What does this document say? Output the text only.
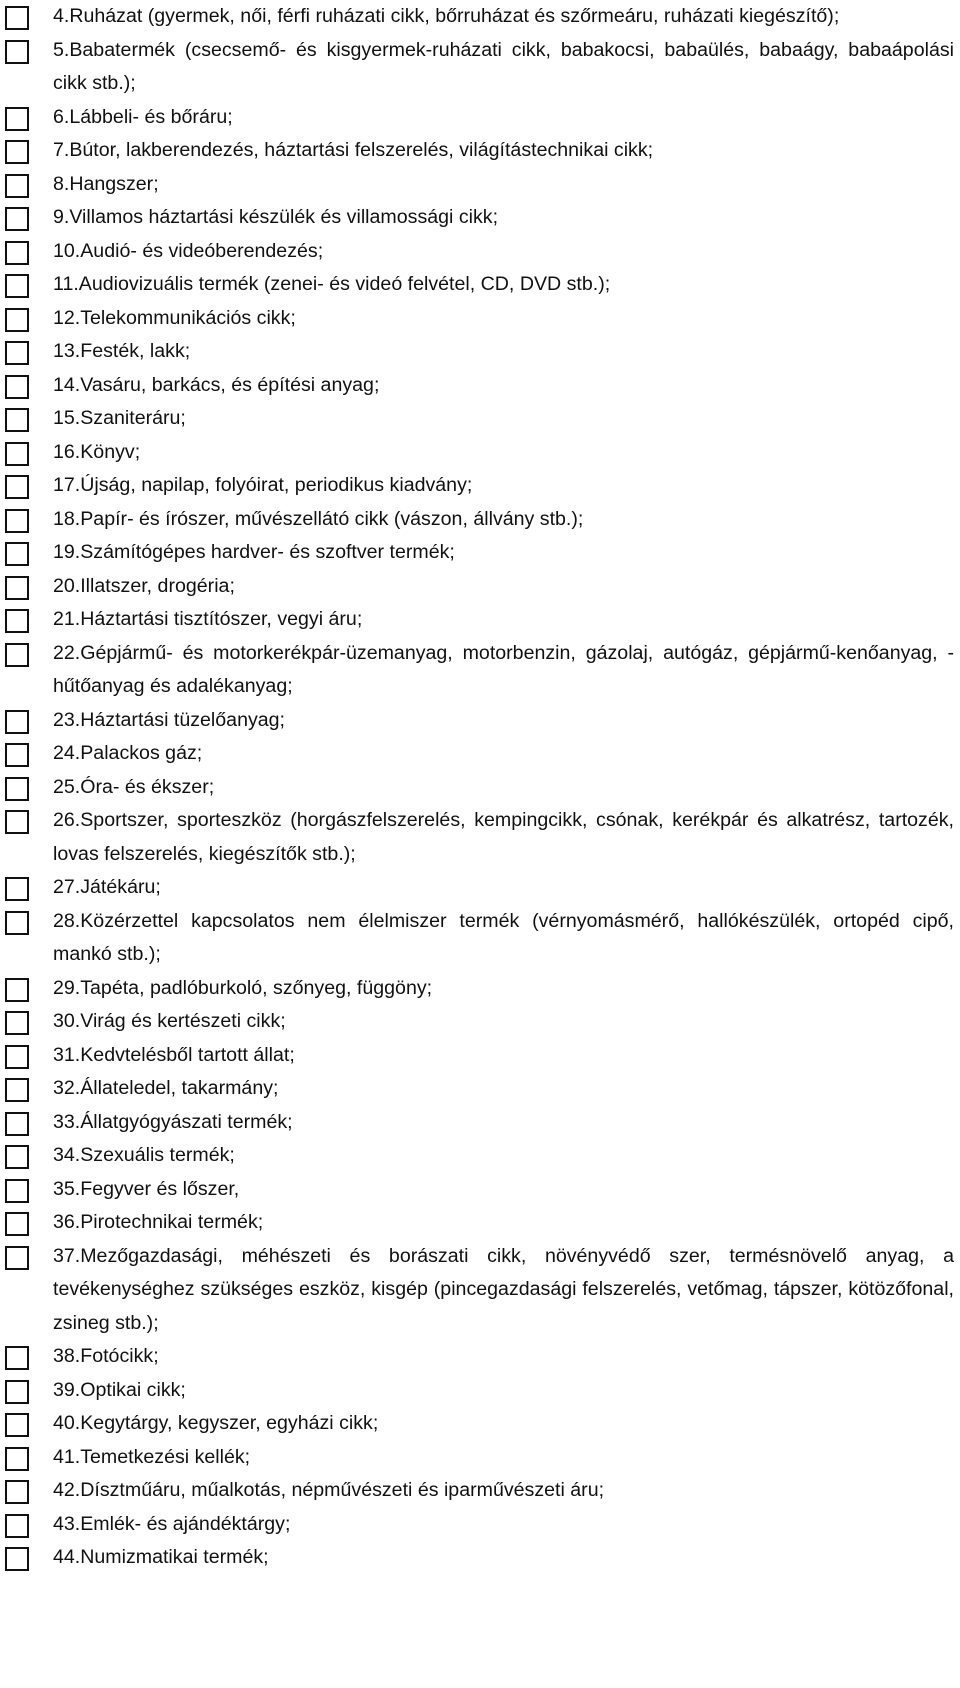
4.Ruházat (gyermek, női, férfi ruházati cikk, bőrruházat és szőrmeáru, ruházati kiegészítő);
5.Babatermék (csecsemő- és kisgyermek-ruházati cikk, babakocsi, babaülés, babaágy, babaápolási cikk stb.);
6.Lábbeli- és bőráru;
7.Bútor, lakberendezés, háztartási felszerelés, világítástechnikai cikk;
8.Hangszer;
9.Villamos háztartási készülék és villamossági cikk;
10.Audió- és videóberendezés;
11.Audiovizuális termék (zenei- és videó felvétel, CD, DVD stb.);
12.Telekommunikációs cikk;
13.Festék, lakk;
14.Vasáru, barkács, és építési anyag;
15.Szaniteráru;
16.Könyv;
17.Újság, napilap, folyóirat, periodikus kiadvány;
18.Papír- és írószer, művészellátó cikk (vászon, állvány stb.);
19.Számítógépes hardver- és szoftver termék;
20.Illatszer, drogéria;
21.Háztartási tisztítószer, vegyi áru;
22.Gépjármű- és motorkerékpár-üzemanyag, motorbenzin, gázolaj, autógáz, gépjármű-kenőanyag, -hűtőanyag és adalékanyag;
23.Háztartási tüzelőanyag;
24.Palackos gáz;
25.Óra- és ékszer;
26.Sportszer, sporteszköz (horgászfelszerelés, kempingcikk, csónak, kerékpár és alkatrész, tartozék, lovas felszerelés, kiegészítők stb.);
27.Játékáru;
28.Közérzettel kapcsolatos nem élelmiszer termék (vérnyomásmérő, hallókészülék, ortopéd cipő, mankó stb.);
29.Tapéta, padlóburkoló, szőnyeg, függöny;
30.Virág és kertészeti cikk;
31.Kedvtelésből tartott állat;
32.Állateledel, takarmány;
33.Állatgyógyászati termék;
34.Szexuális termék;
35.Fegyver és lőszer,
36.Pirotechnikai termék;
37.Mezőgazdasági, méhészeti és borászati cikk, növényvédő szer, termésnövelő anyag, a tevékenységhez szükséges eszköz, kisgép (pincegazdasági felszerelés, vetőmag, tápszer, kötözőfonal, zsineg stb.);
38.Fotócikk;
39.Optikai cikk;
40.Kegytárgy, kegyszer, egyházi cikk;
41.Temetkezési kellék;
42.Dísztműáru, műalkotás, népművészeti és iparművészeti áru;
43.Emlék- és ajándéktárgy;
44.Numizmatikai termék;
